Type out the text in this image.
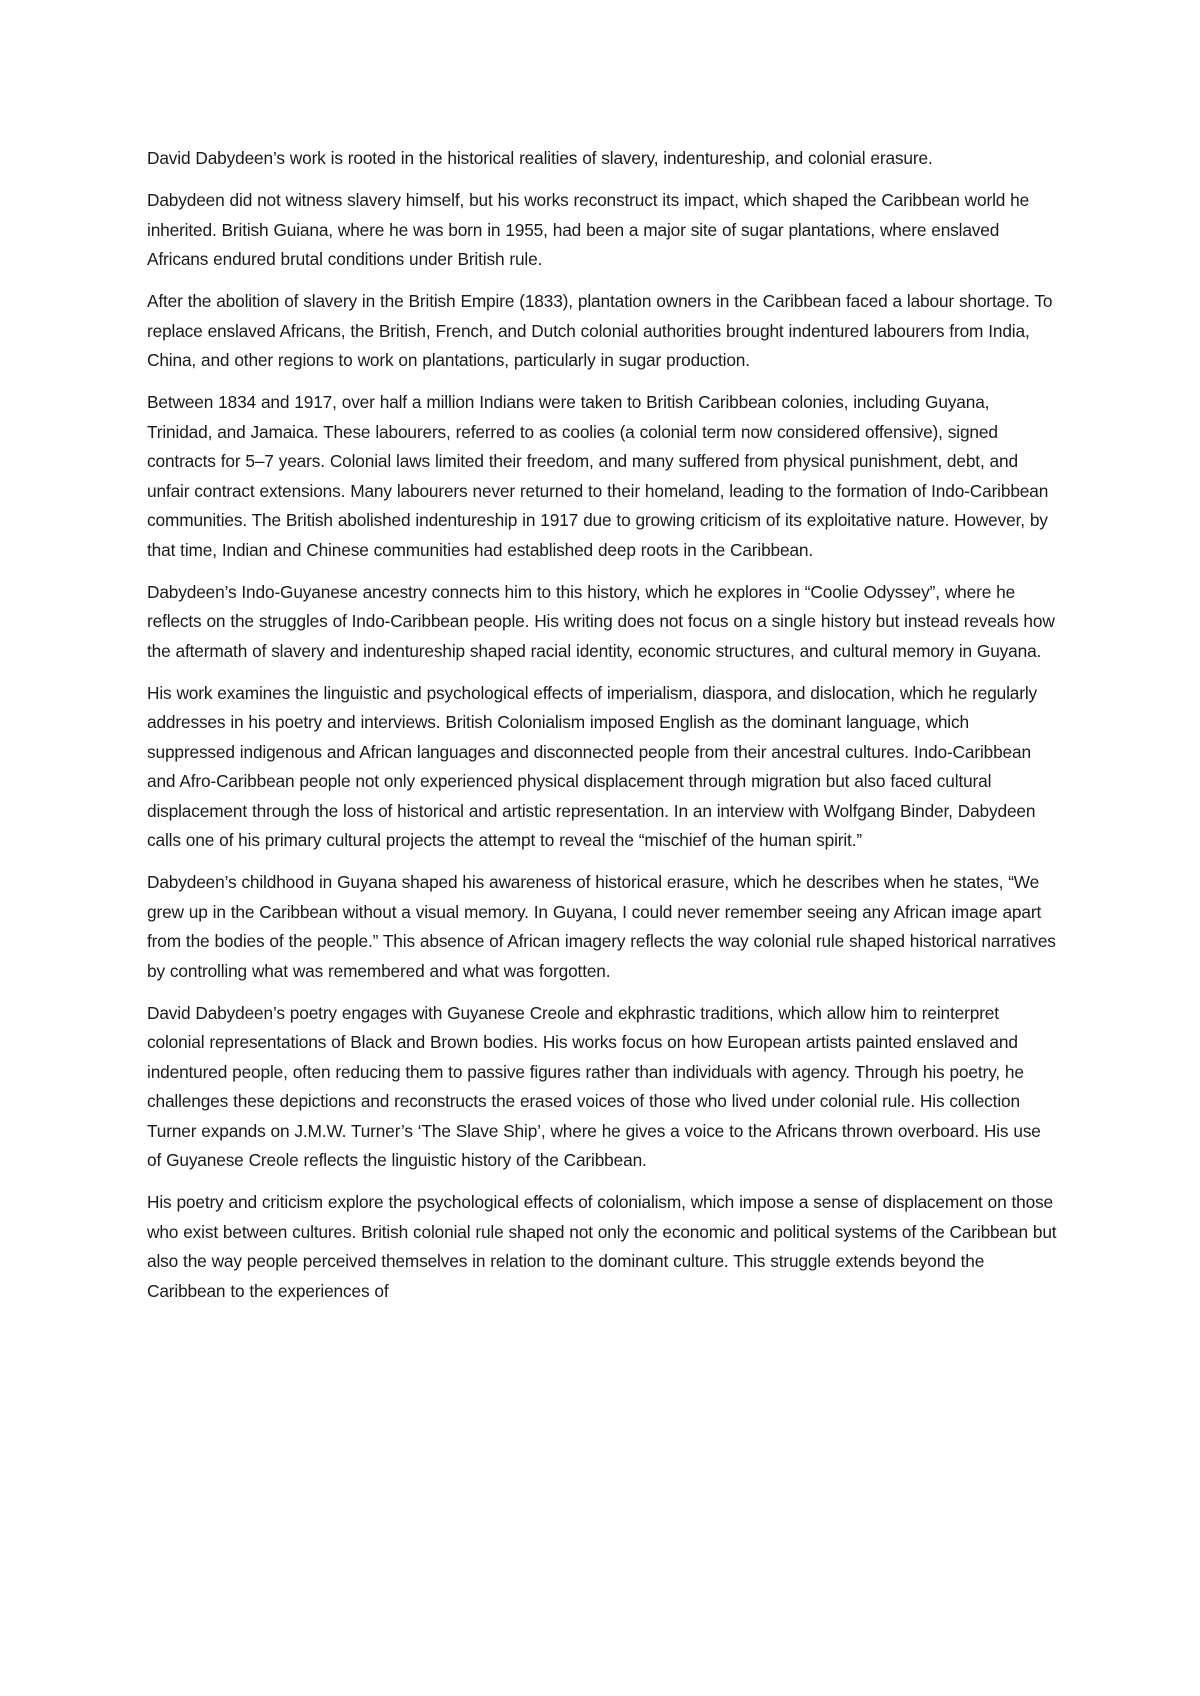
David Dabydeen’s work is rooted in the historical realities of slavery, indentureship, and colonial erasure.

Dabydeen did not witness slavery himself, but his works reconstruct its impact, which shaped the Caribbean world he inherited. British Guiana, where he was born in 1955, had been a major site of sugar plantations, where enslaved Africans endured brutal conditions under British rule.

After the abolition of slavery in the British Empire (1833), plantation owners in the Caribbean faced a labour shortage. To replace enslaved Africans, the British, French, and Dutch colonial authorities brought indentured labourers from India, China, and other regions to work on plantations, particularly in sugar production.

Between 1834 and 1917, over half a million Indians were taken to British Caribbean colonies, including Guyana, Trinidad, and Jamaica. These labourers, referred to as coolies (a colonial term now considered offensive), signed contracts for 5–7 years. Colonial laws limited their freedom, and many suffered from physical punishment, debt, and unfair contract extensions. Many labourers never returned to their homeland, leading to the formation of Indo-Caribbean communities. The British abolished indentureship in 1917 due to growing criticism of its exploitative nature. However, by that time, Indian and Chinese communities had established deep roots in the Caribbean.

Dabydeen’s Indo-Guyanese ancestry connects him to this history, which he explores in “Coolie Odyssey”, where he reflects on the struggles of Indo-Caribbean people. His writing does not focus on a single history but instead reveals how the aftermath of slavery and indentureship shaped racial identity, economic structures, and cultural memory in Guyana.

His work examines the linguistic and psychological effects of imperialism, diaspora, and dislocation, which he regularly addresses in his poetry and interviews. British Colonialism imposed English as the dominant language, which suppressed indigenous and African languages and disconnected people from their ancestral cultures. Indo-Caribbean and Afro-Caribbean people not only experienced physical displacement through migration but also faced cultural displacement through the loss of historical and artistic representation. In an interview with Wolfgang Binder, Dabydeen calls one of his primary cultural projects the attempt to reveal the “mischief of the human spirit.”

Dabydeen’s childhood in Guyana shaped his awareness of historical erasure, which he describes when he states, “We grew up in the Caribbean without a visual memory. In Guyana, I could never remember seeing any African image apart from the bodies of the people.” This absence of African imagery reflects the way colonial rule shaped historical narratives by controlling what was remembered and what was forgotten.

David Dabydeen’s poetry engages with Guyanese Creole and ekphrastic traditions, which allow him to reinterpret colonial representations of Black and Brown bodies. His works focus on how European artists painted enslaved and indentured people, often reducing them to passive figures rather than individuals with agency. Through his poetry, he challenges these depictions and reconstructs the erased voices of those who lived under colonial rule. His collection Turner expands on J.M.W. Turner’s ‘The Slave Ship’, where he gives a voice to the Africans thrown overboard. His use of Guyanese Creole reflects the linguistic history of the Caribbean.

His poetry and criticism explore the psychological effects of colonialism, which impose a sense of displacement on those who exist between cultures. British colonial rule shaped not only the economic and political systems of the Caribbean but also the way people perceived themselves in relation to the dominant culture. This struggle extends beyond the Caribbean to the experiences of
